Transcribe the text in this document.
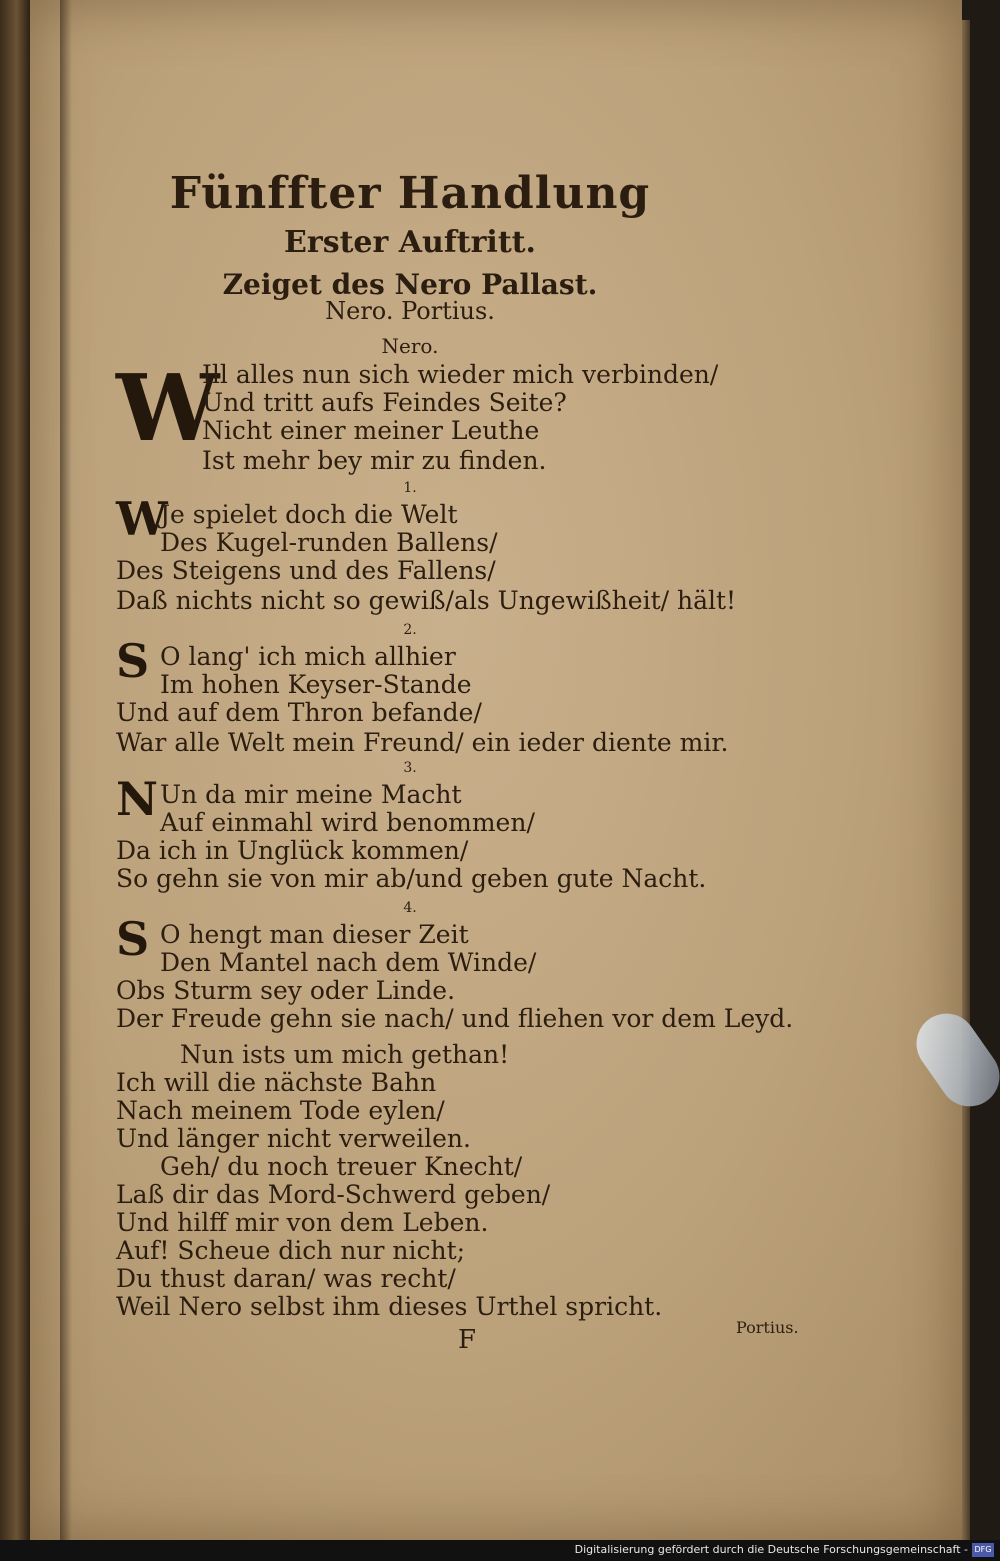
Fünffter Handlung
Erster Auftritt.
Zeiget des Nero Pallast.
Nero. Portius.
Nero.
W
Ill alles nun sich wieder mich verbinden/
Und tritt aufs Feindes Seite?
Nicht einer meiner Leuthe
Ist mehr bey mir zu finden.
1.
W
Je spielet doch die Welt
Des Kugel-runden Ballens/
Des Steigens und des Fallens/
Daß nichts nicht so gewiß/als Ungewißheit/ hält!
2.
S O lang' ich mich allhier
Im hohen Keyser-Stande
Und auf dem Thron befande/
War alle Welt mein Freund/ ein ieder diente mir.
3.
N Un da mir meine Macht
Auf einmahl wird benommen/
Da ich in Unglück kommen/
So gehn sie von mir ab/und geben gute Nacht.
4.
S O hengt man dieser Zeit
Den Mantel nach dem Winde/
Obs Sturm sey oder Linde.
Der Freude gehn sie nach/ und fliehen vor dem Leyd.
Nun ists um mich gethan!
Ich will die nächste Bahn
Nach meinem Tode eylen/
Und länger nicht verweilen.
Geh/ du noch treuer Knecht/
Laß dir das Mord-Schwerd geben/
Und hilff mir von dem Leben.
Auf! Scheue dich nur nicht;
Du thust daran/ was recht/
Weil Nero selbst ihm dieses Urthel spricht.
F	Portius.
Digitalisierung gefördert durch die Deutsche Forschungsgemeinschaft - DFG
